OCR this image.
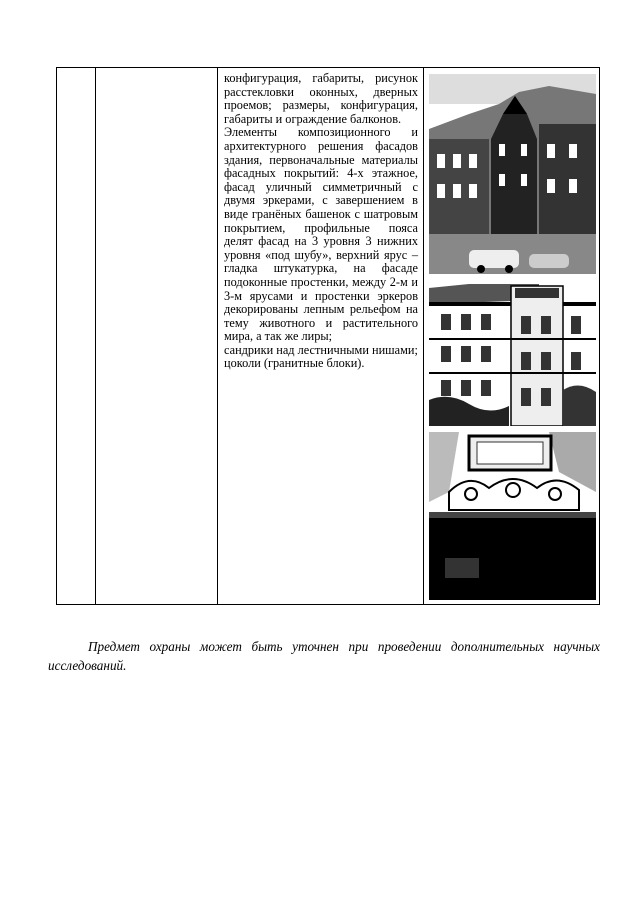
конфигурация, габариты, рисунок расстекловки оконных, дверных проемов; размеры, конфигурация, габариты и ограждение балконов.

Элементы композиционного и архитектурного решения фасадов здания, первоначальные материалы фасадных покрытий: 4-х этажное, фасад уличный симметричный с двумя эркерами, с завершением в виде гранёных башенок с шатровым покрытием, профильные пояса делят фасад на 3 уровня 3 нижних уровня «под шубу», верхний ярус – гладка штукатурка, на фасаде подоконные простенки, между 2-м и 3-м ярусами и простенки эркеров декорированы лепным рельефом на тему животного и растительного мира, а так же лиры;

сандрики над лестничными нишами;

цоколи (гранитные блоки).

Предмет охраны может быть уточнен при проведении дополнительных научных исследований.
